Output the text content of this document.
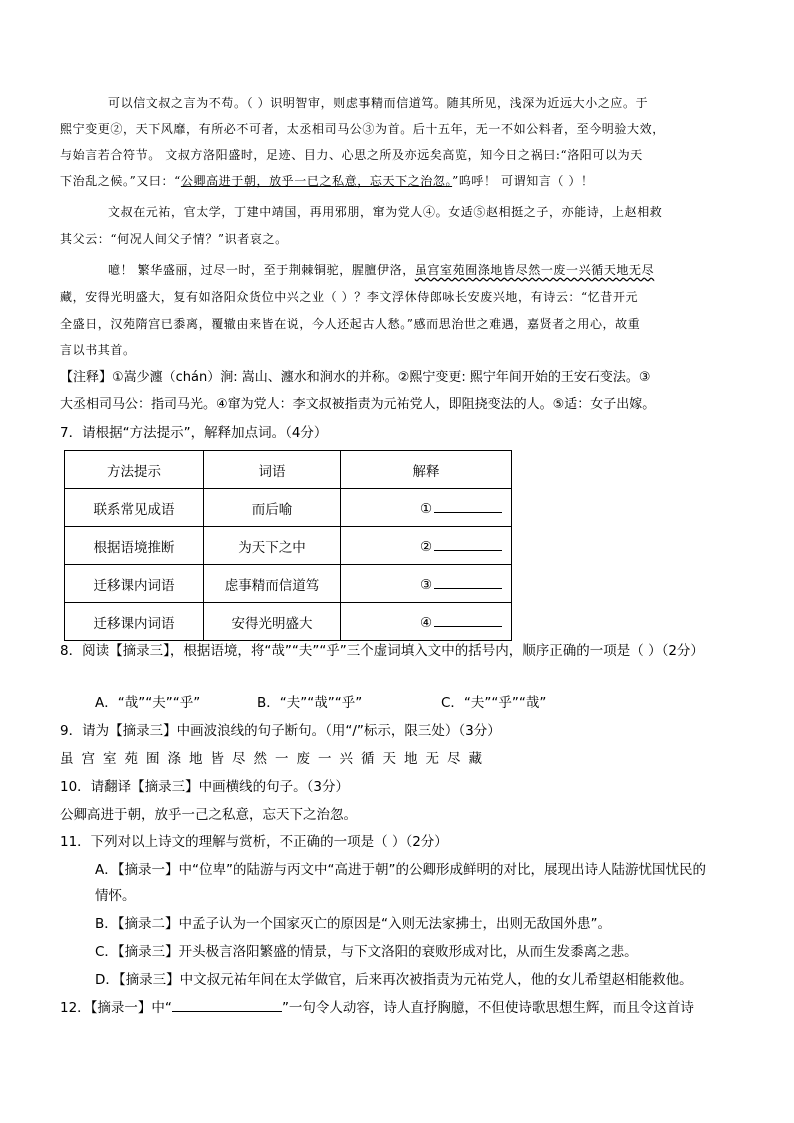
可以信文叔之言为不苟。（ ）识明智审，则虑事精而信道笃。随其所见，浅深为近远大小之应。于
熙宁变更②，天下风靡，有所必不可者，太丞相司马公③为首。后十五年，无一不如公料者，至今明验大效，
与始言若合符节。 文叔方洛阳盛时，足迹、目力、心思之所及亦远矣高览，知今日之祸曰:“洛阳可以为天
下治乱之候。”又曰：“公卿高进于朝，放乎一已之私意，忘天下之治忽。”呜呼！ 可谓知言（ ）！
文叔在元祐，官太学，丁建中靖国，再用邪朋，窜为党人④。女适⑤赵相挺之子，亦能诗，上赵相救
其父云：“何况人间父子情？”识者哀之。
噫！ 繁华盛丽，过尽一时，至于荆棘铜驼，腥膻伊洛，虽宫室苑囿涤地皆尽然一废一兴循天地无尽
藏，安得光明盛大，复有如洛阳众货位中兴之业（ ）？李文浮休侍郎咏长安废兴地，有诗云：“忆昔开元
全盛日，汉苑隋宫已黍离，覆辙由来皆在说，今人还起古人愁。”感而思治世之难遇，嘉贤者之用心，故重
言以书其首。
【注释】①嵩少瀍（chán）涧: 嵩山、瀍水和涧水的并称。②熙宁变更: 熙宁年间开始的王安石变法。③
大丞相司马公：指司马光。④窜为党人：李文叔被指责为元祐党人，即阻挠变法的人。⑤适：女子出嫁。
7．请根据“方法提示”，解释加点词。（4分）
方法提示	词语	解释
联系常见成语	而后喻	①
根据语境推断	为天下之中	②
迁移课内词语	虑事精而信道笃	③
迁移课内词语	安得光明盛大	④
8．阅读【摘录三】，根据语境，将“哉”“夫”“乎”三个虚词填入文中的括号内，顺序正确的一项是（ ）（2分）
A．“哉”“夫”“乎”	B．“夫”“哉”“乎”	C．“夫”“乎”“哉”
9．请为【摘录三】中画波浪线的句子断句。（用“/”标示，限三处）（3分）
虽宫室苑囿涤地皆尽然一废一兴循天地无尽藏
10．请翻译【摘录三】中画横线的句子。（3分）
公卿高进于朝，放乎一己之私意，忘天下之治忽。
11．下列对以上诗文的理解与赏析，不正确的一项是（ ）（2分）
A．【摘录一】中“位卑”的陆游与丙文中“高进于朝”的公卿形成鲜明的对比，展现出诗人陆游忧国忧民的
情怀。
B．【摘录二】中孟子认为一个国家灭亡的原因是“入则无法家拂士，出则无敌国外患”。
C．【摘录三】开头极言洛阳繁盛的情景，与下文洛阳的衰败形成对比，从而生发黍离之悲。
D．【摘录三】中文叔元祐年间在太学做官，后来再次被指责为元祐党人，他的女儿希望赵相能救他。
12．【摘录一】中“	”一句令人动容，诗人直抒胸臆，不但使诗歌思想生辉，而且令这首诗
